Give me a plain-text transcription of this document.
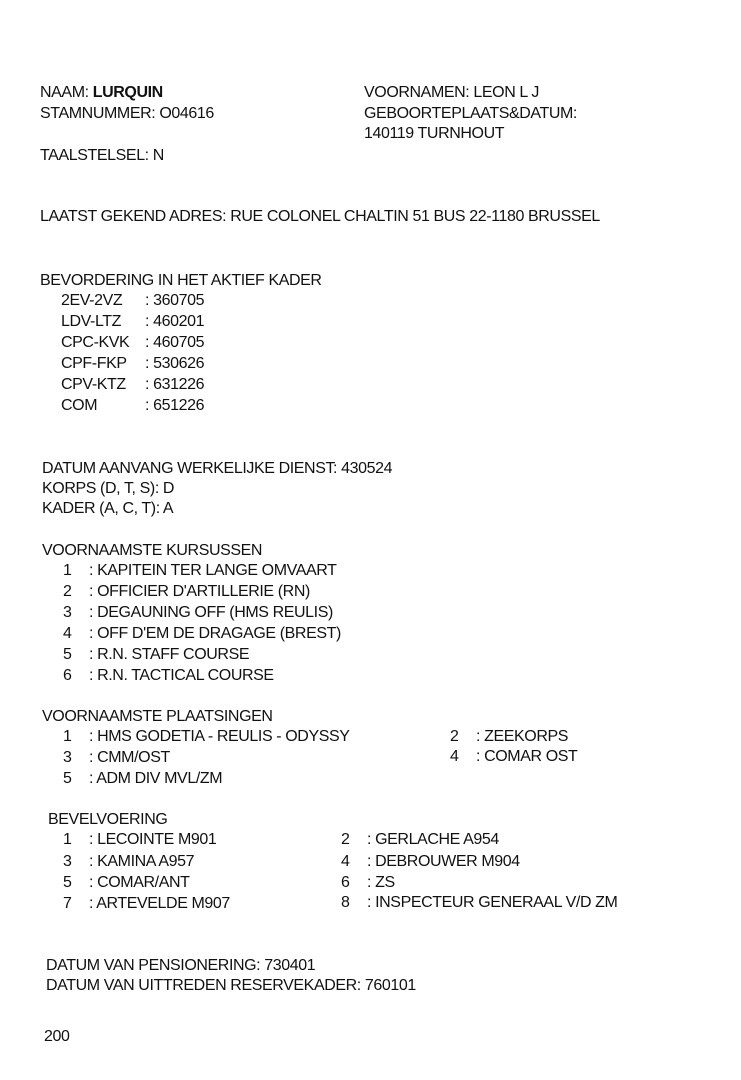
NAAM: LURQUIN
STAMNUMMER: O04616
VOORNAMEN: LEON L J
GEBOORTEPLAATS&DATUM:
140119 TURNHOUT
TAALSTELSEL: N
LAATST GEKEND ADRES: RUE COLONEL CHALTIN 51 BUS 22-1180 BRUSSEL
BEVORDERING IN HET AKTIEF KADER
2EV-2VZ : 360705
LDV-LTZ : 460201
CPC-KVK : 460705
CPF-FKP : 530626
CPV-KTZ : 631226
COM	: 651226
DATUM AANVANG WERKELIJKE DIENST: 430524
KORPS (D, T, S): D
KADER (A, C, T): A
VOORNAAMSTE KURSUSSEN
1 : KAPITEIN TER LANGE OMVAART
2 : OFFICIER D'ARTILLERIE (RN)
3 : DEGAUNING OFF (HMS REULIS)
4 : OFF D'EM DE DRAGAGE (BREST)
5 : R.N. STAFF COURSE
6 : R.N. TACTICAL COURSE
VOORNAAMSTE PLAATSINGEN
1 : HMS GODETIA - REULIS - ODYSSY	2 : ZEEKORPS
3 : CMM/OST	4 : COMAR OST
5 : ADM DIV MVL/ZM
BEVELVOERING
1 : LECOINTE M901	2 : GERLACHE A954
3 : KAMINA A957	4 : DEBROUWER M904
5 : COMAR/ANT	6 : ZS
7 : ARTEVELDE M907	8 : INSPECTEUR GENERAAL V/D ZM
DATUM VAN PENSIONERING: 730401
DATUM VAN UITTREDEN RESERVEKADER: 760101
200
